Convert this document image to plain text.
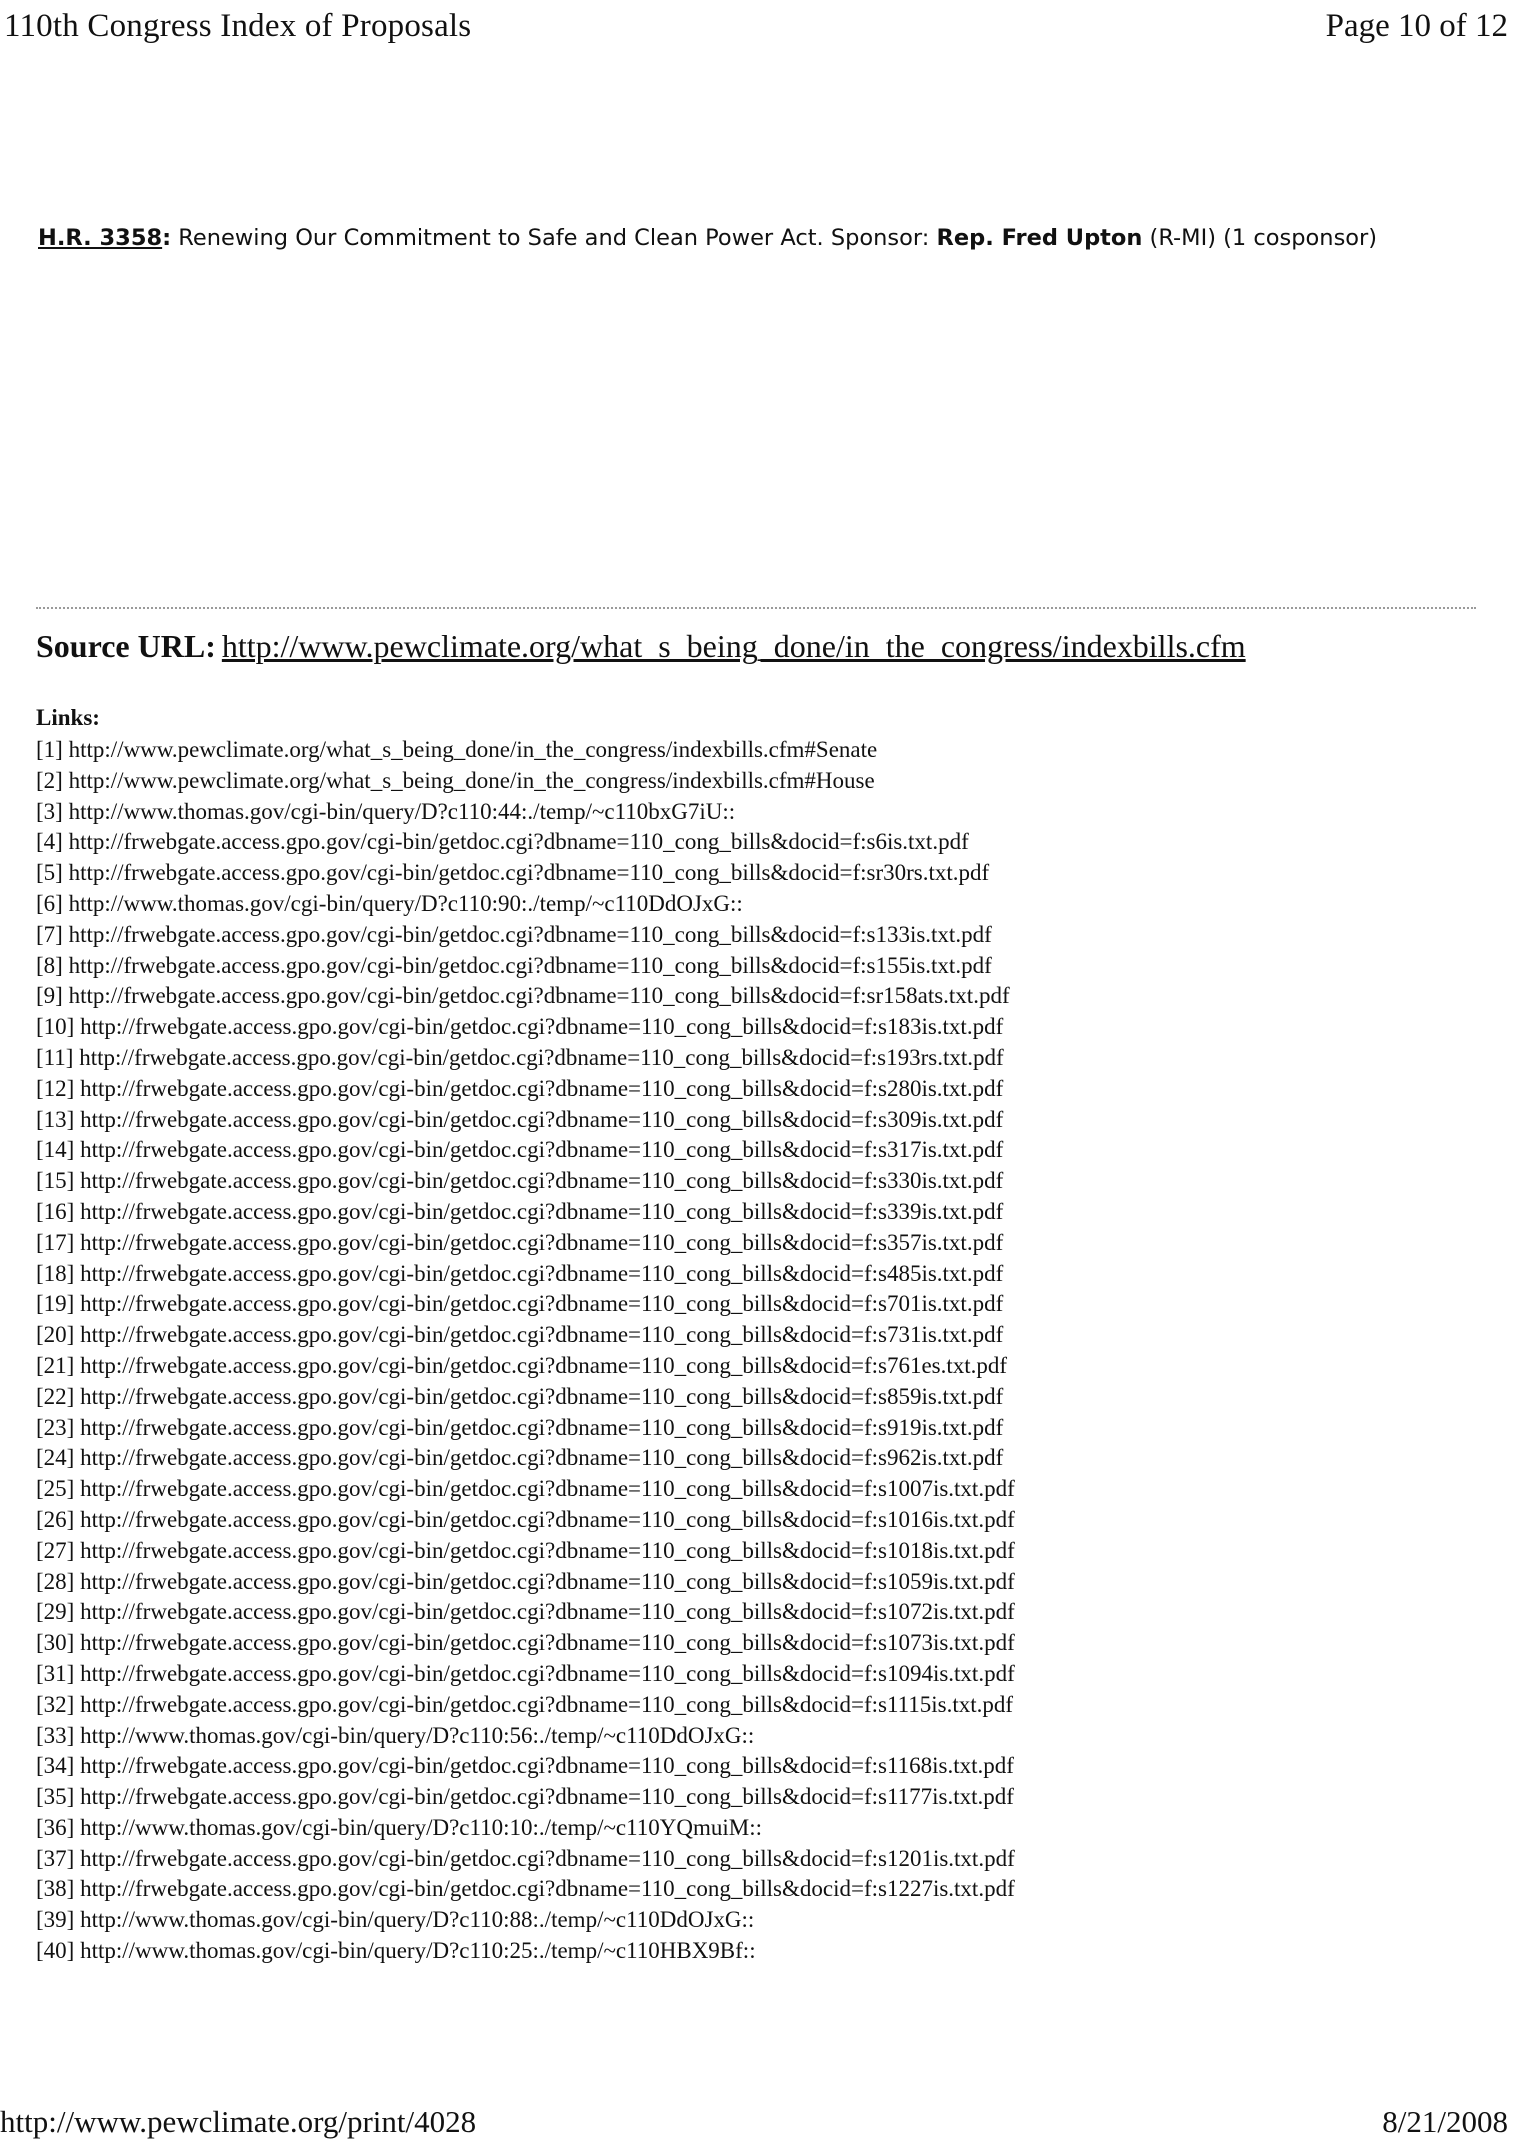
110th Congress Index of Proposals	Page 10 of 12
H.R. 3358: Renewing Our Commitment to Safe and Clean Power Act. Sponsor: Rep. Fred Upton (R-MI) (1 cosponsor)
Source URL: http://www.pewclimate.org/what_s_being_done/in_the_congress/indexbills.cfm
Links:
[1] http://www.pewclimate.org/what_s_being_done/in_the_congress/indexbills.cfm#Senate
[2] http://www.pewclimate.org/what_s_being_done/in_the_congress/indexbills.cfm#House
[3] http://www.thomas.gov/cgi-bin/query/D?c110:44:./temp/~c110bxG7iU::
[4] http://frwebgate.access.gpo.gov/cgi-bin/getdoc.cgi?dbname=110_cong_bills&docid=f:s6is.txt.pdf
[5] http://frwebgate.access.gpo.gov/cgi-bin/getdoc.cgi?dbname=110_cong_bills&docid=f:sr30rs.txt.pdf
[6] http://www.thomas.gov/cgi-bin/query/D?c110:90:./temp/~c110DdOJxG::
[7] http://frwebgate.access.gpo.gov/cgi-bin/getdoc.cgi?dbname=110_cong_bills&docid=f:s133is.txt.pdf
[8] http://frwebgate.access.gpo.gov/cgi-bin/getdoc.cgi?dbname=110_cong_bills&docid=f:s155is.txt.pdf
[9] http://frwebgate.access.gpo.gov/cgi-bin/getdoc.cgi?dbname=110_cong_bills&docid=f:sr158ats.txt.pdf
[10] http://frwebgate.access.gpo.gov/cgi-bin/getdoc.cgi?dbname=110_cong_bills&docid=f:s183is.txt.pdf
[11] http://frwebgate.access.gpo.gov/cgi-bin/getdoc.cgi?dbname=110_cong_bills&docid=f:s193rs.txt.pdf
[12] http://frwebgate.access.gpo.gov/cgi-bin/getdoc.cgi?dbname=110_cong_bills&docid=f:s280is.txt.pdf
[13] http://frwebgate.access.gpo.gov/cgi-bin/getdoc.cgi?dbname=110_cong_bills&docid=f:s309is.txt.pdf
[14] http://frwebgate.access.gpo.gov/cgi-bin/getdoc.cgi?dbname=110_cong_bills&docid=f:s317is.txt.pdf
[15] http://frwebgate.access.gpo.gov/cgi-bin/getdoc.cgi?dbname=110_cong_bills&docid=f:s330is.txt.pdf
[16] http://frwebgate.access.gpo.gov/cgi-bin/getdoc.cgi?dbname=110_cong_bills&docid=f:s339is.txt.pdf
[17] http://frwebgate.access.gpo.gov/cgi-bin/getdoc.cgi?dbname=110_cong_bills&docid=f:s357is.txt.pdf
[18] http://frwebgate.access.gpo.gov/cgi-bin/getdoc.cgi?dbname=110_cong_bills&docid=f:s485is.txt.pdf
[19] http://frwebgate.access.gpo.gov/cgi-bin/getdoc.cgi?dbname=110_cong_bills&docid=f:s701is.txt.pdf
[20] http://frwebgate.access.gpo.gov/cgi-bin/getdoc.cgi?dbname=110_cong_bills&docid=f:s731is.txt.pdf
[21] http://frwebgate.access.gpo.gov/cgi-bin/getdoc.cgi?dbname=110_cong_bills&docid=f:s761es.txt.pdf
[22] http://frwebgate.access.gpo.gov/cgi-bin/getdoc.cgi?dbname=110_cong_bills&docid=f:s859is.txt.pdf
[23] http://frwebgate.access.gpo.gov/cgi-bin/getdoc.cgi?dbname=110_cong_bills&docid=f:s919is.txt.pdf
[24] http://frwebgate.access.gpo.gov/cgi-bin/getdoc.cgi?dbname=110_cong_bills&docid=f:s962is.txt.pdf
[25] http://frwebgate.access.gpo.gov/cgi-bin/getdoc.cgi?dbname=110_cong_bills&docid=f:s1007is.txt.pdf
[26] http://frwebgate.access.gpo.gov/cgi-bin/getdoc.cgi?dbname=110_cong_bills&docid=f:s1016is.txt.pdf
[27] http://frwebgate.access.gpo.gov/cgi-bin/getdoc.cgi?dbname=110_cong_bills&docid=f:s1018is.txt.pdf
[28] http://frwebgate.access.gpo.gov/cgi-bin/getdoc.cgi?dbname=110_cong_bills&docid=f:s1059is.txt.pdf
[29] http://frwebgate.access.gpo.gov/cgi-bin/getdoc.cgi?dbname=110_cong_bills&docid=f:s1072is.txt.pdf
[30] http://frwebgate.access.gpo.gov/cgi-bin/getdoc.cgi?dbname=110_cong_bills&docid=f:s1073is.txt.pdf
[31] http://frwebgate.access.gpo.gov/cgi-bin/getdoc.cgi?dbname=110_cong_bills&docid=f:s1094is.txt.pdf
[32] http://frwebgate.access.gpo.gov/cgi-bin/getdoc.cgi?dbname=110_cong_bills&docid=f:s1115is.txt.pdf
[33] http://www.thomas.gov/cgi-bin/query/D?c110:56:./temp/~c110DdOJxG::
[34] http://frwebgate.access.gpo.gov/cgi-bin/getdoc.cgi?dbname=110_cong_bills&docid=f:s1168is.txt.pdf
[35] http://frwebgate.access.gpo.gov/cgi-bin/getdoc.cgi?dbname=110_cong_bills&docid=f:s1177is.txt.pdf
[36] http://www.thomas.gov/cgi-bin/query/D?c110:10:./temp/~c110YQmuiM::
[37] http://frwebgate.access.gpo.gov/cgi-bin/getdoc.cgi?dbname=110_cong_bills&docid=f:s1201is.txt.pdf
[38] http://frwebgate.access.gpo.gov/cgi-bin/getdoc.cgi?dbname=110_cong_bills&docid=f:s1227is.txt.pdf
[39] http://www.thomas.gov/cgi-bin/query/D?c110:88:./temp/~c110DdOJxG::
[40] http://www.thomas.gov/cgi-bin/query/D?c110:25:./temp/~c110HBX9Bf::
http://www.pewclimate.org/print/4028	8/21/2008
